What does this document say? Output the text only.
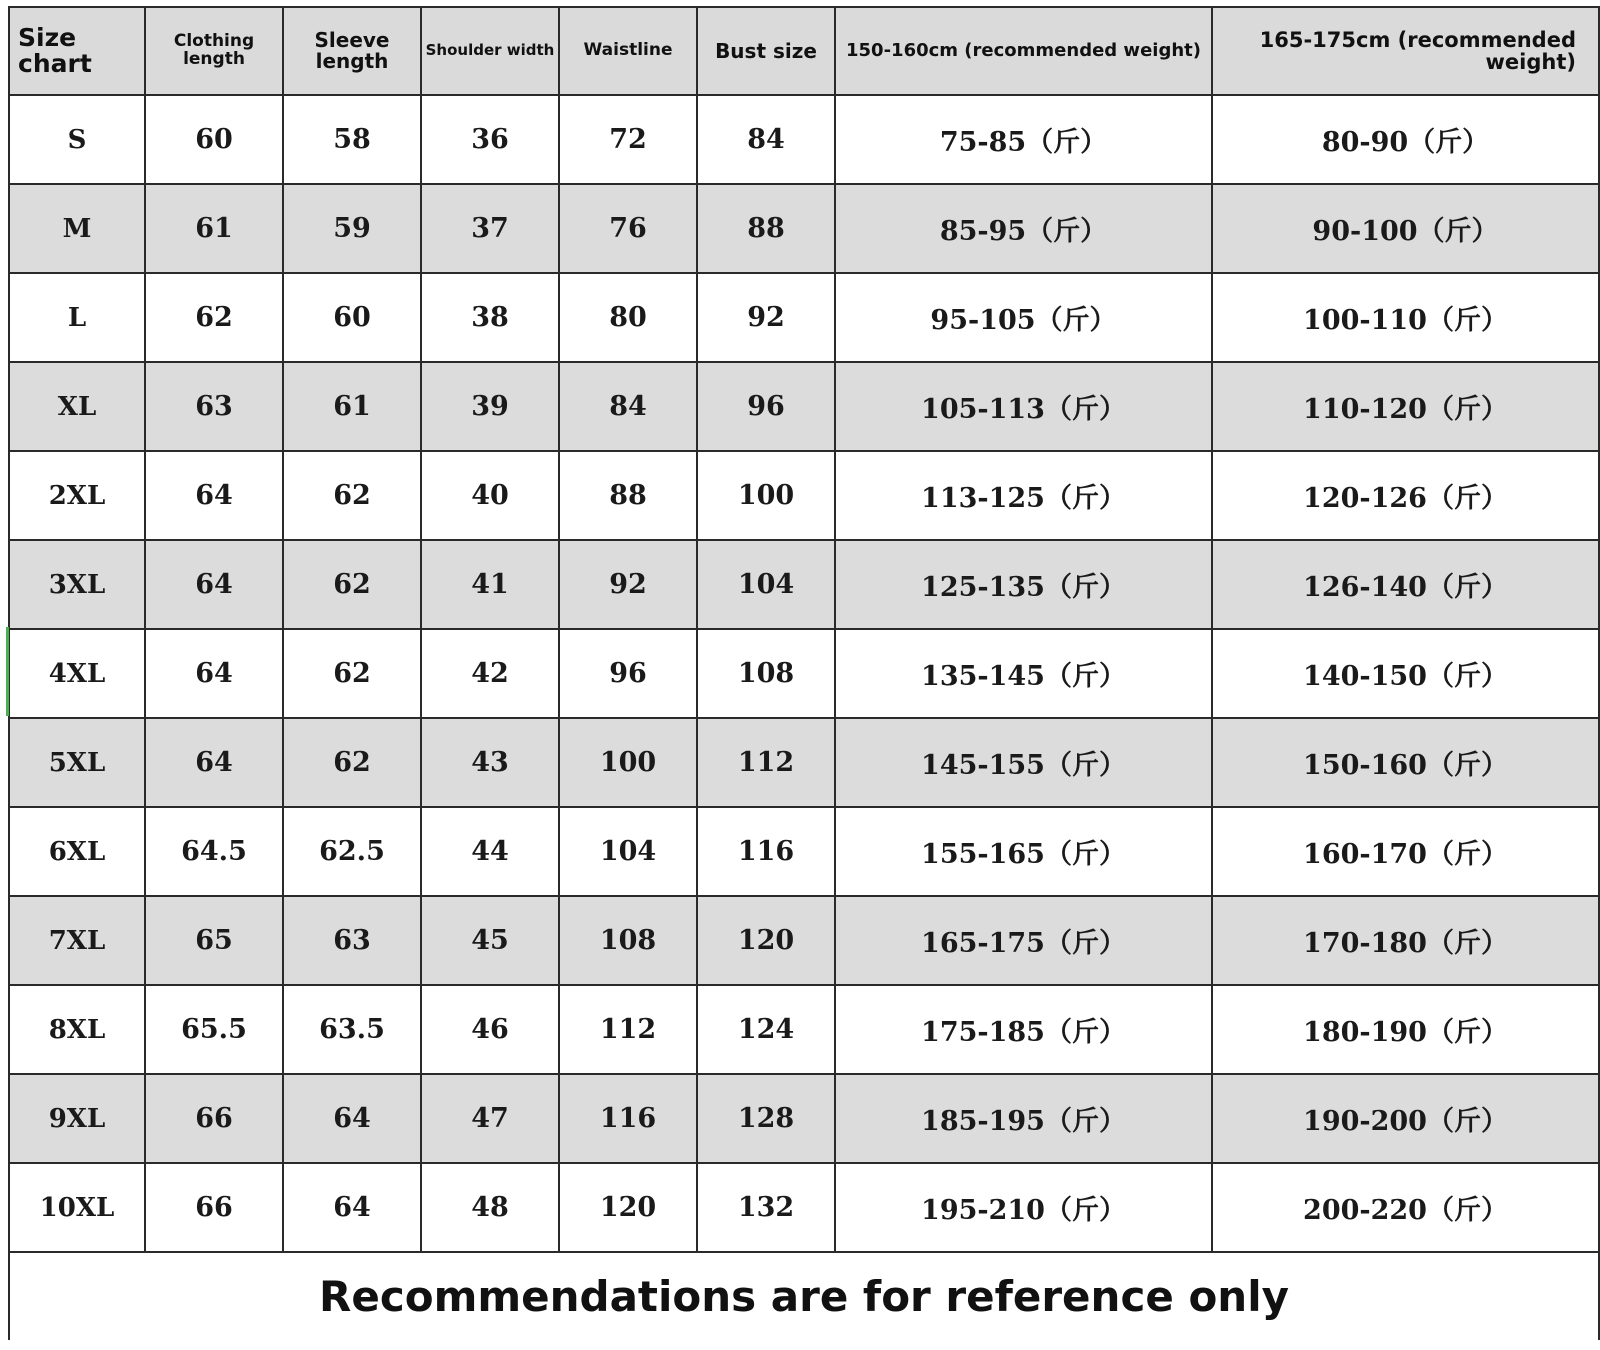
Size chart	Clothing length	Sleeve length	Shoulder width	Waistline	Bust size	150-160cm (recommended weight)	165-175cm (recommended weight)
S	60	58	36	72	84	75-85（斤）	80-90（斤）
M	61	59	37	76	88	85-95（斤）	90-100（斤）
L	62	60	38	80	92	95-105（斤）	100-110（斤）
XL	63	61	39	84	96	105-113（斤）	110-120（斤）
2XL	64	62	40	88	100	113-125（斤）	120-126（斤）
3XL	64	62	41	92	104	125-135（斤）	126-140（斤）
4XL	64	62	42	96	108	135-145（斤）	140-150（斤）
5XL	64	62	43	100	112	145-155（斤）	150-160（斤）
6XL	64.5	62.5	44	104	116	155-165（斤）	160-170（斤）
7XL	65	63	45	108	120	165-175（斤）	170-180（斤）
8XL	65.5	63.5	46	112	124	175-185（斤）	180-190（斤）
9XL	66	64	47	116	128	185-195（斤）	190-200（斤）
10XL	66	64	48	120	132	195-210（斤）	200-220（斤）
Recommendations are for reference only							
